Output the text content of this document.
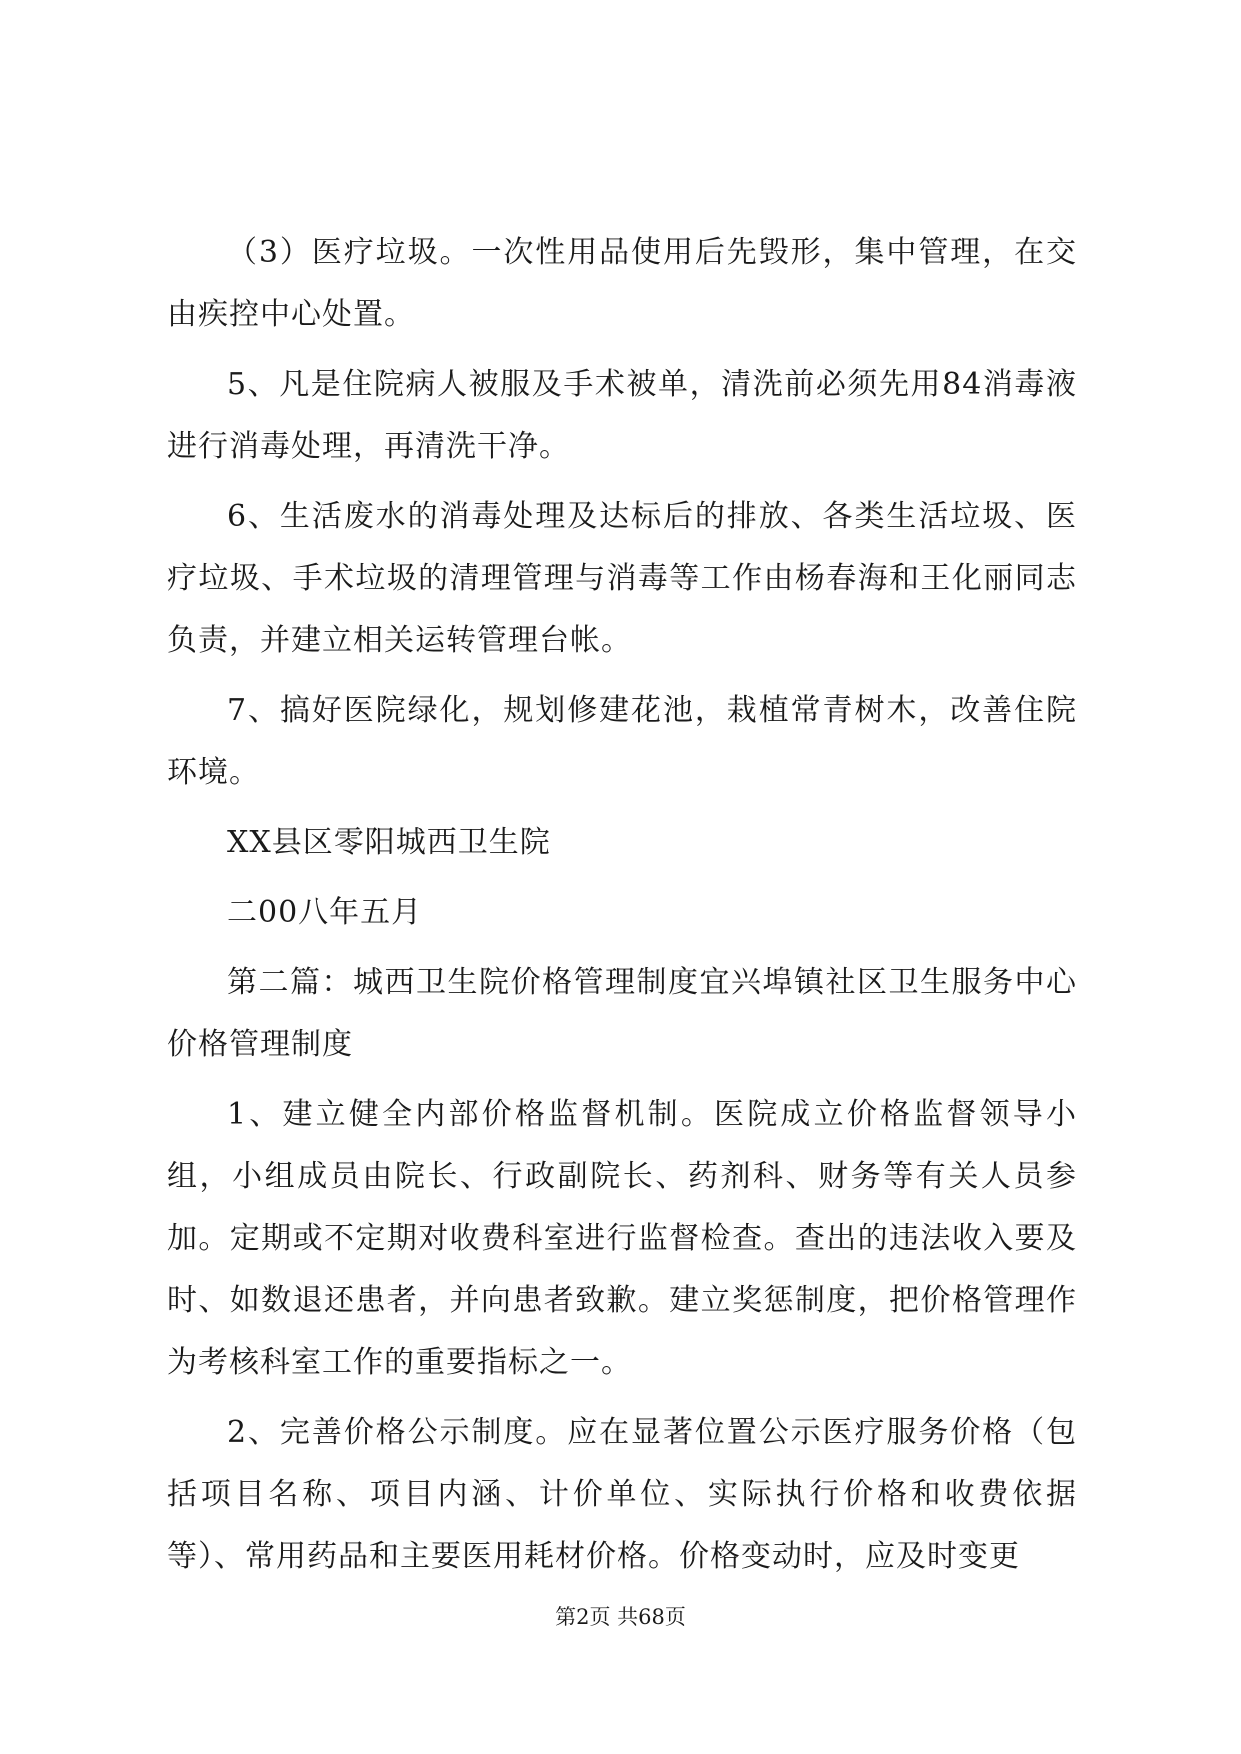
（3）医疗垃圾。一次性用品使用后先毁形，集中管理，在交由疾控中心处置。

5、凡是住院病人被服及手术被单，清洗前必须先用84消毒液进行消毒处理，再清洗干净。

6、生活废水的消毒处理及达标后的排放、各类生活垃圾、医疗垃圾、手术垃圾的清理管理与消毒等工作由杨春海和王化丽同志负责，并建立相关运转管理台帐。

7、搞好医院绿化，规划修建花池，栽植常青树木，改善住院环境。

XX县区零阳城西卫生院

二00八年五月

第二篇：城西卫生院价格管理制度宜兴埠镇社区卫生服务中心价格管理制度

1、建立健全内部价格监督机制。医院成立价格监督领导小组，小组成员由院长、行政副院长、药剂科、财务等有关人员参加。定期或不定期对收费科室进行监督检查。查出的违法收入要及时、如数退还患者，并向患者致歉。建立奖惩制度，把价格管理作为考核科室工作的重要指标之一。

2、完善价格公示制度。应在显著位置公示医疗服务价格（包括项目名称、项目内涵、计价单位、实际执行价格和收费依据等）、常用药品和主要医用耗材价格。价格变动时，应及时变更

第2页 共68页
